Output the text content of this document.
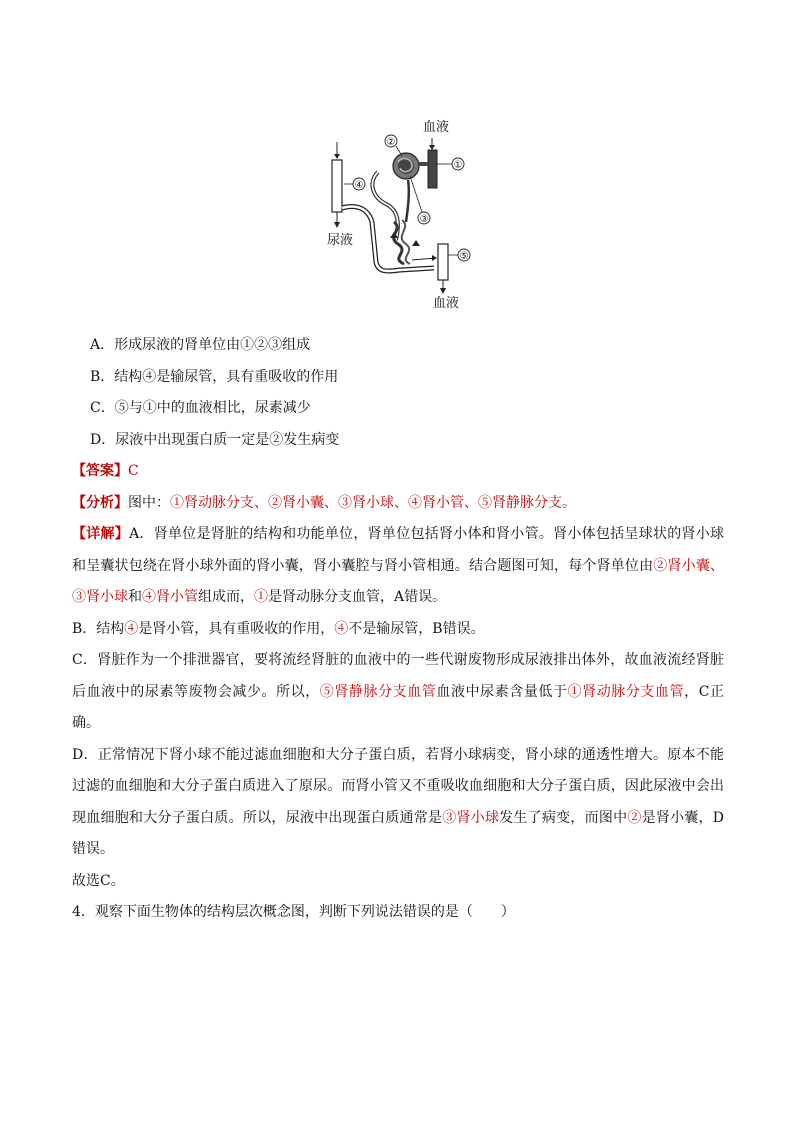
②
①
③
④
⑤
血液
尿液
血液
A．形成尿液的肾单位由①②③组成
B．结构④是输尿管，具有重吸收的作用
C．⑤与①中的血液相比，尿素减少
D．尿液中出现蛋白质一定是②发生病变
【答案】C
【分析】图中：①肾动脉分支、②肾小囊、③肾小球、④肾小管、⑤肾静脉分支。
【详解】A．肾单位是肾脏的结构和功能单位，肾单位包括肾小体和肾小管。肾小体包括呈球状的肾小球和呈囊状包绕在肾小球外面的肾小囊，肾小囊腔与肾小管相通。结合题图可知，每个肾单位由②肾小囊、③肾小球和④肾小管组成而，①是肾动脉分支血管，A错误。
B．结构④是肾小管，具有重吸收的作用，④不是输尿管，B错误。
C．肾脏作为一个排泄器官，要将流经肾脏的血液中的一些代谢废物形成尿液排出体外，故血液流经肾脏后血液中的尿素等废物会减少。所以，⑤肾静脉分支血管血液中尿素含量低于①肾动脉分支血管，C正确。
D．正常情况下肾小球不能过滤血细胞和大分子蛋白质，若肾小球病变，肾小球的通透性增大。原本不能过滤的血细胞和大分子蛋白质进入了原尿。而肾小管又不重吸收血细胞和大分子蛋白质，因此尿液中会出现血细胞和大分子蛋白质。所以，尿液中出现蛋白质通常是③肾小球发生了病变，而图中②是肾小囊，D错误。
故选C。
4．观察下面生物体的结构层次概念图，判断下列说法错误的是（　　）
